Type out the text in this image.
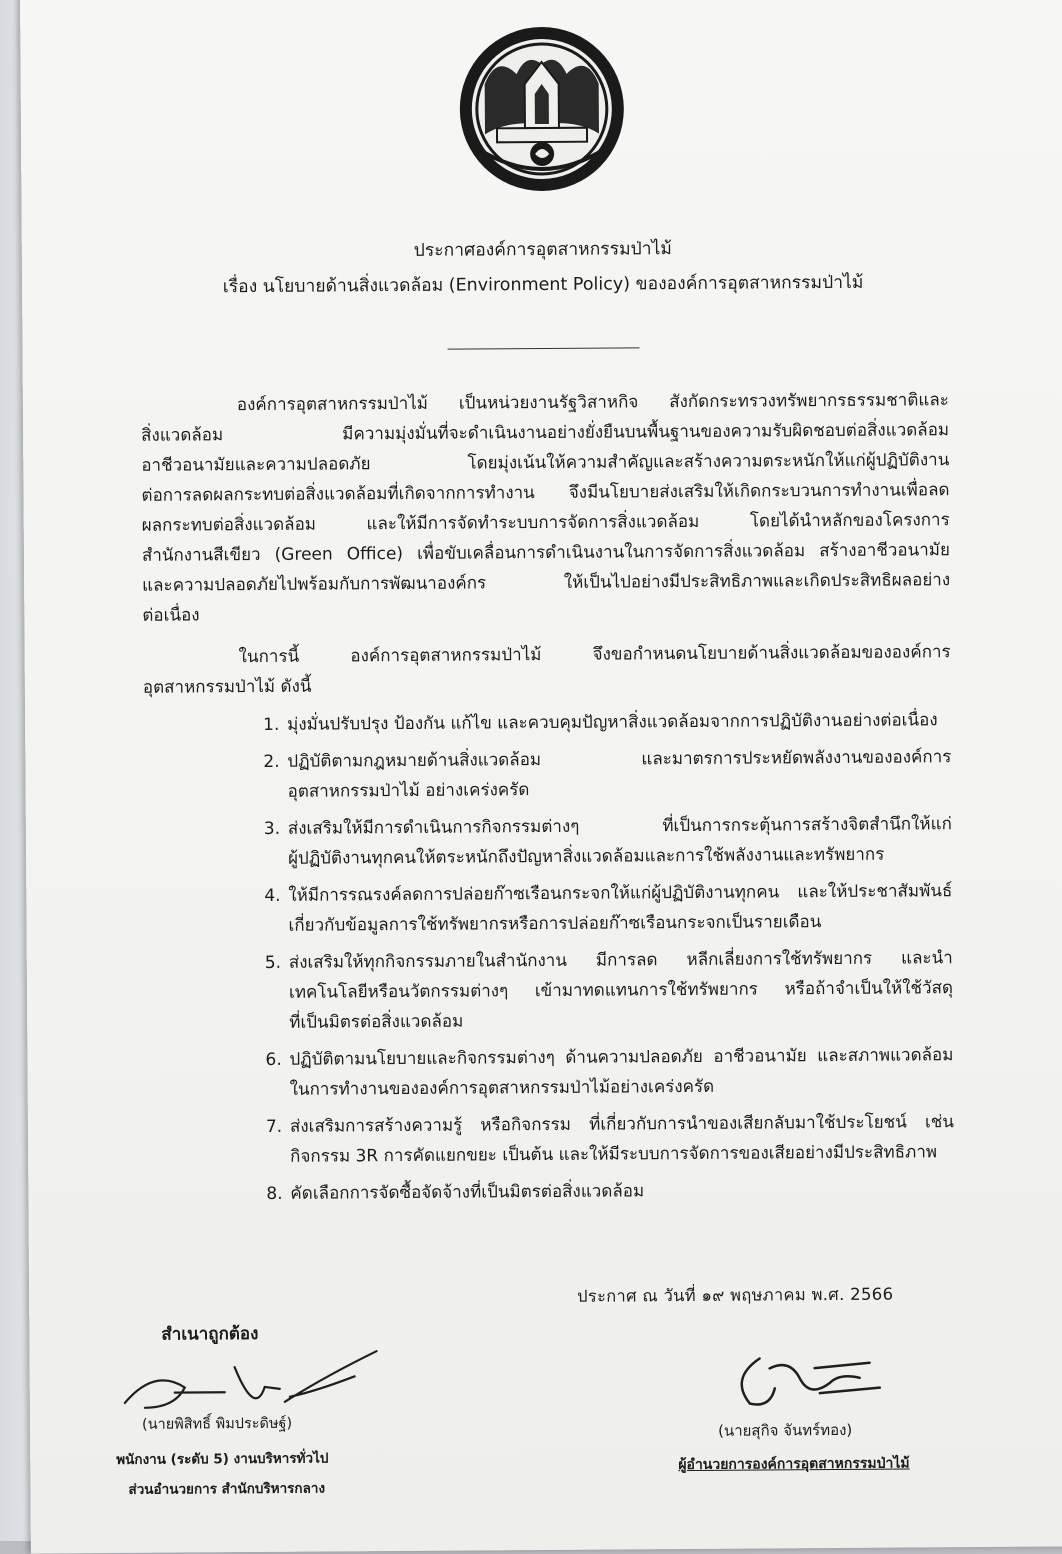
ประกาศองค์การอุตสาหกรรมป่าไม้
เรื่อง นโยบายด้านสิ่งแวดล้อม (Environment Policy) ขององค์การอุตสาหกรรมป่าไม้

องค์การอุตสาหกรรมป่าไม้ เป็นหน่วยงานรัฐวิสาหกิจ สังกัดกระทรวงทรัพยากรธรรมชาติและ

สิ่งแวดล้อม มีความมุ่งมั่นที่จะดำเนินงานอย่างยั่งยืนบนพื้นฐานของความรับผิดชอบต่อสิ่งแวดล้อม

อาชีวอนามัยและความปลอดภัย โดยมุ่งเน้นให้ความสำคัญและสร้างความตระหนักให้แก่ผู้ปฏิบัติงาน

ต่อการลดผลกระทบต่อสิ่งแวดล้อมที่เกิดจากการทำงาน จึงมีนโยบายส่งเสริมให้เกิดกระบวนการทำงานเพื่อลด

ผลกระทบต่อสิ่งแวดล้อม และให้มีการจัดทำระบบการจัดการสิ่งแวดล้อม โดยได้นำหลักของโครงการ

สำนักงานสีเขียว (Green Office) เพื่อขับเคลื่อนการดำเนินงานในการจัดการสิ่งแวดล้อม สร้างอาชีวอนามัย

และความปลอดภัยไปพร้อมกับการพัฒนาองค์กร ให้เป็นไปอย่างมีประสิทธิภาพและเกิดประสิทธิผลอย่าง

ต่อเนื่อง

ในการนี้ องค์การอุตสาหกรรมป่าไม้ จึงขอกำหนดนโยบายด้านสิ่งแวดล้อมขององค์การ

อุตสาหกรรมป่าไม้ ดังนี้

1. มุ่งมั่นปรับปรุง ป้องกัน แก้ไข และควบคุมปัญหาสิ่งแวดล้อมจากการปฏิบัติงานอย่างต่อเนื่อง
2. ปฏิบัติตามกฎหมายด้านสิ่งแวดล้อม และมาตรการประหยัดพลังงานขององค์การ
อุตสาหกรรมป่าไม้ อย่างเคร่งครัด
3. ส่งเสริมให้มีการดำเนินการกิจกรรมต่างๆ ที่เป็นการกระตุ้นการสร้างจิตสำนึกให้แก่
ผู้ปฏิบัติงานทุกคนให้ตระหนักถึงปัญหาสิ่งแวดล้อมและการใช้พลังงานและทรัพยากร
4. ให้มีการรณรงค์ลดการปล่อยก๊าซเรือนกระจกให้แก่ผู้ปฏิบัติงานทุกคน และให้ประชาสัมพันธ์
เกี่ยวกับข้อมูลการใช้ทรัพยากรหรือการปล่อยก๊าซเรือนกระจกเป็นรายเดือน
5. ส่งเสริมให้ทุกกิจกรรมภายในสำนักงาน มีการลด หลีกเลี่ยงการใช้ทรัพยากร และนำ
เทคโนโลยีหรือนวัตกรรมต่างๆ เข้ามาทดแทนการใช้ทรัพยากร หรือถ้าจำเป็นให้ใช้วัสดุ
ที่เป็นมิตรต่อสิ่งแวดล้อม
6. ปฏิบัติตามนโยบายและกิจกรรมต่างๆ ด้านความปลอดภัย อาชีวอนามัย และสภาพแวดล้อม
ในการทำงานขององค์การอุตสาหกรรมป่าไม้อย่างเคร่งครัด
7. ส่งเสริมการสร้างความรู้ หรือกิจกรรม ที่เกี่ยวกับการนำของเสียกลับมาใช้ประโยชน์ เช่น
กิจกรรม 3R การคัดแยกขยะ เป็นต้น และให้มีระบบการจัดการของเสียอย่างมีประสิทธิภาพ
8. คัดเลือกการจัดซื้อจัดจ้างที่เป็นมิตรต่อสิ่งแวดล้อม
ประกาศ ณ วันที่ ๑๙ พฤษภาคม พ.ศ. 2566
สำเนาถูกต้อง
(นายพิสิทธิ์ พิมประดิษฐ์)
พนักงาน (ระดับ 5) งานบริหารทั่วไป
ส่วนอำนวยการ สำนักบริหารกลาง
(นายสุกิจ จันทร์ทอง)
ผู้อำนวยการองค์การอุตสาหกรรมป่าไม้
